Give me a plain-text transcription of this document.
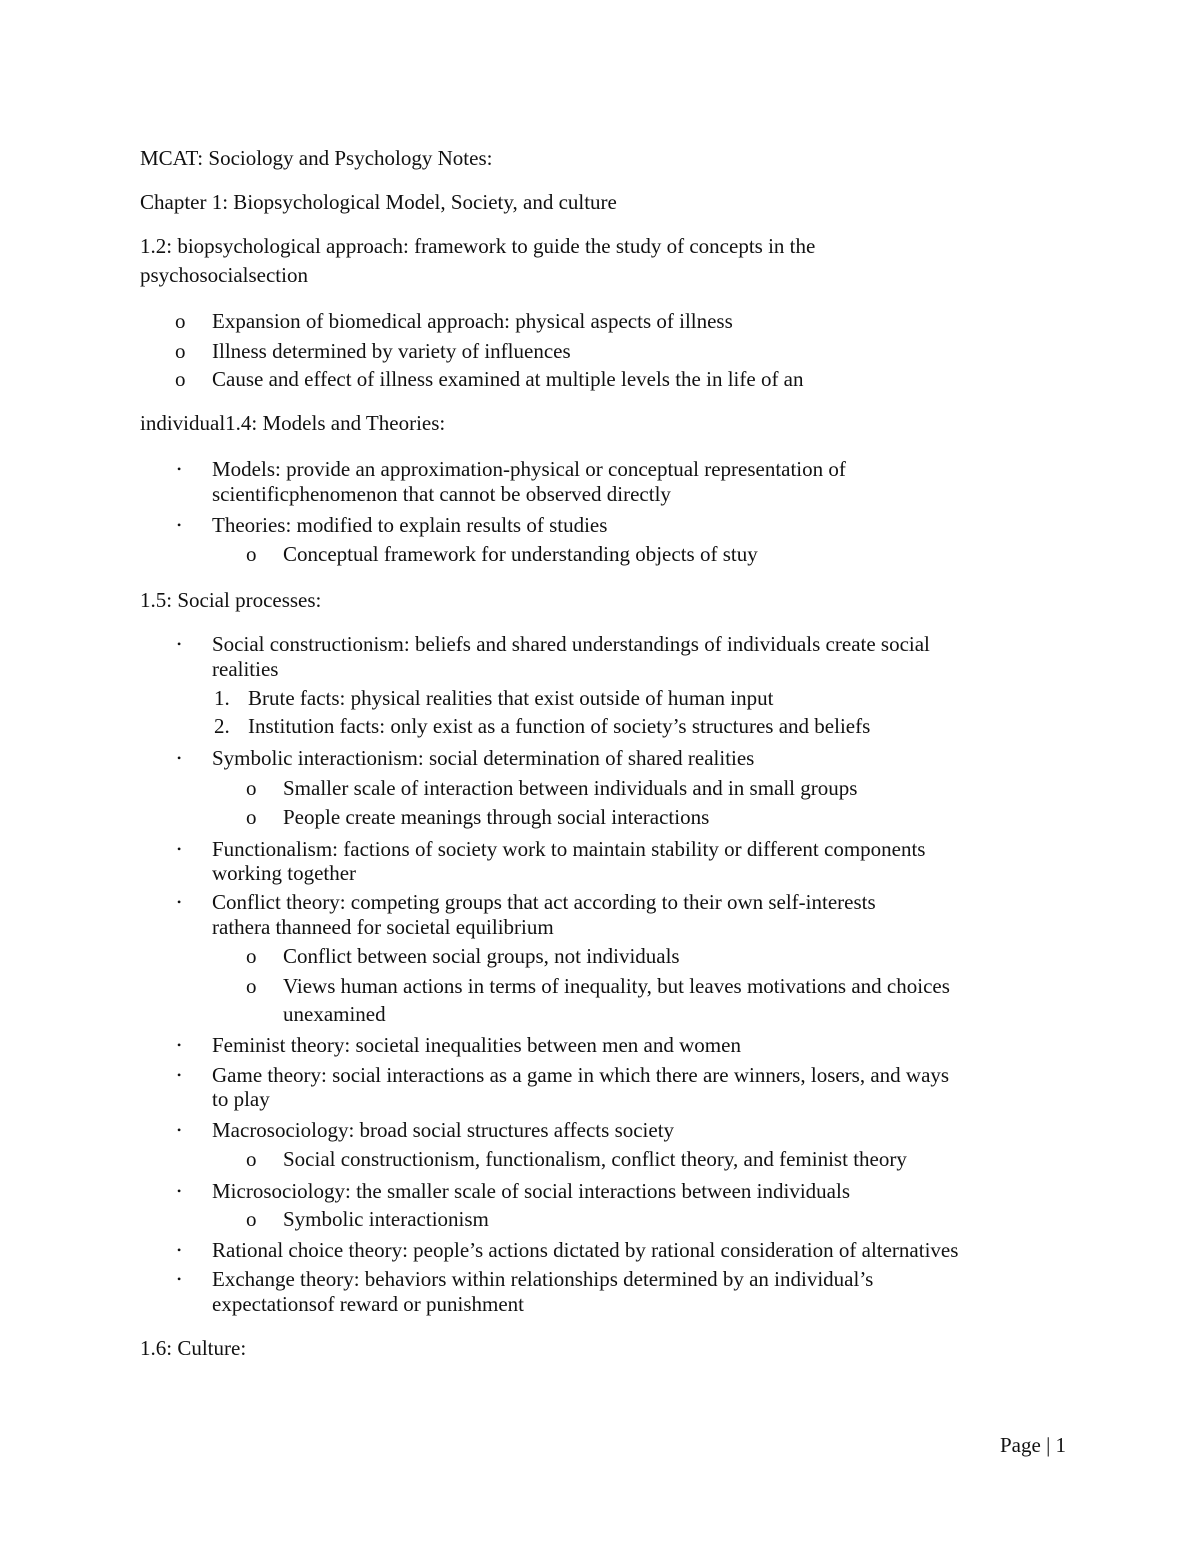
MCAT: Sociology and Psychology Notes:
Chapter 1: Biopsychological Model, Society, and culture
1.2: biopsychological approach: framework to guide the study of concepts in the
psychosocialsection
o Expansion of biomedical approach: physical aspects of illness
o Illness determined by variety of influences
o Cause and effect of illness examined at multiple levels the in life of an
individual1.4: Models and Theories:
• Models: provide an approximation-physical or conceptual representation of
scientificphenomenon that cannot be observed directly
• Theories: modified to explain results of studies
o Conceptual framework for understanding objects of stuy
1.5: Social processes:
• Social constructionism: beliefs and shared understandings of individuals create social
realities
1. Brute facts: physical realities that exist outside of human input
2. Institution facts: only exist as a function of society’s structures and beliefs
• Symbolic interactionism: social determination of shared realities
o Smaller scale of interaction between individuals and in small groups
o People create meanings through social interactions
• Functionalism: factions of society work to maintain stability or different components
working together
• Conflict theory: competing groups that act according to their own self-interests
rathera thanneed for societal equilibrium
o Conflict between social groups, not individuals
o Views human actions in terms of inequality, but leaves motivations and choices
unexamined
• Feminist theory: societal inequalities between men and women
• Game theory: social interactions as a game in which there are winners, losers, and ways
to play
• Macrosociology: broad social structures affects society
o Social constructionism, functionalism, conflict theory, and feminist theory
• Microsociology: the smaller scale of social interactions between individuals
o Symbolic interactionism
• Rational choice theory: people’s actions dictated by rational consideration of alternatives
• Exchange theory: behaviors within relationships determined by an individual’s
expectationsof reward or punishment
1.6: Culture:
Page | 1
